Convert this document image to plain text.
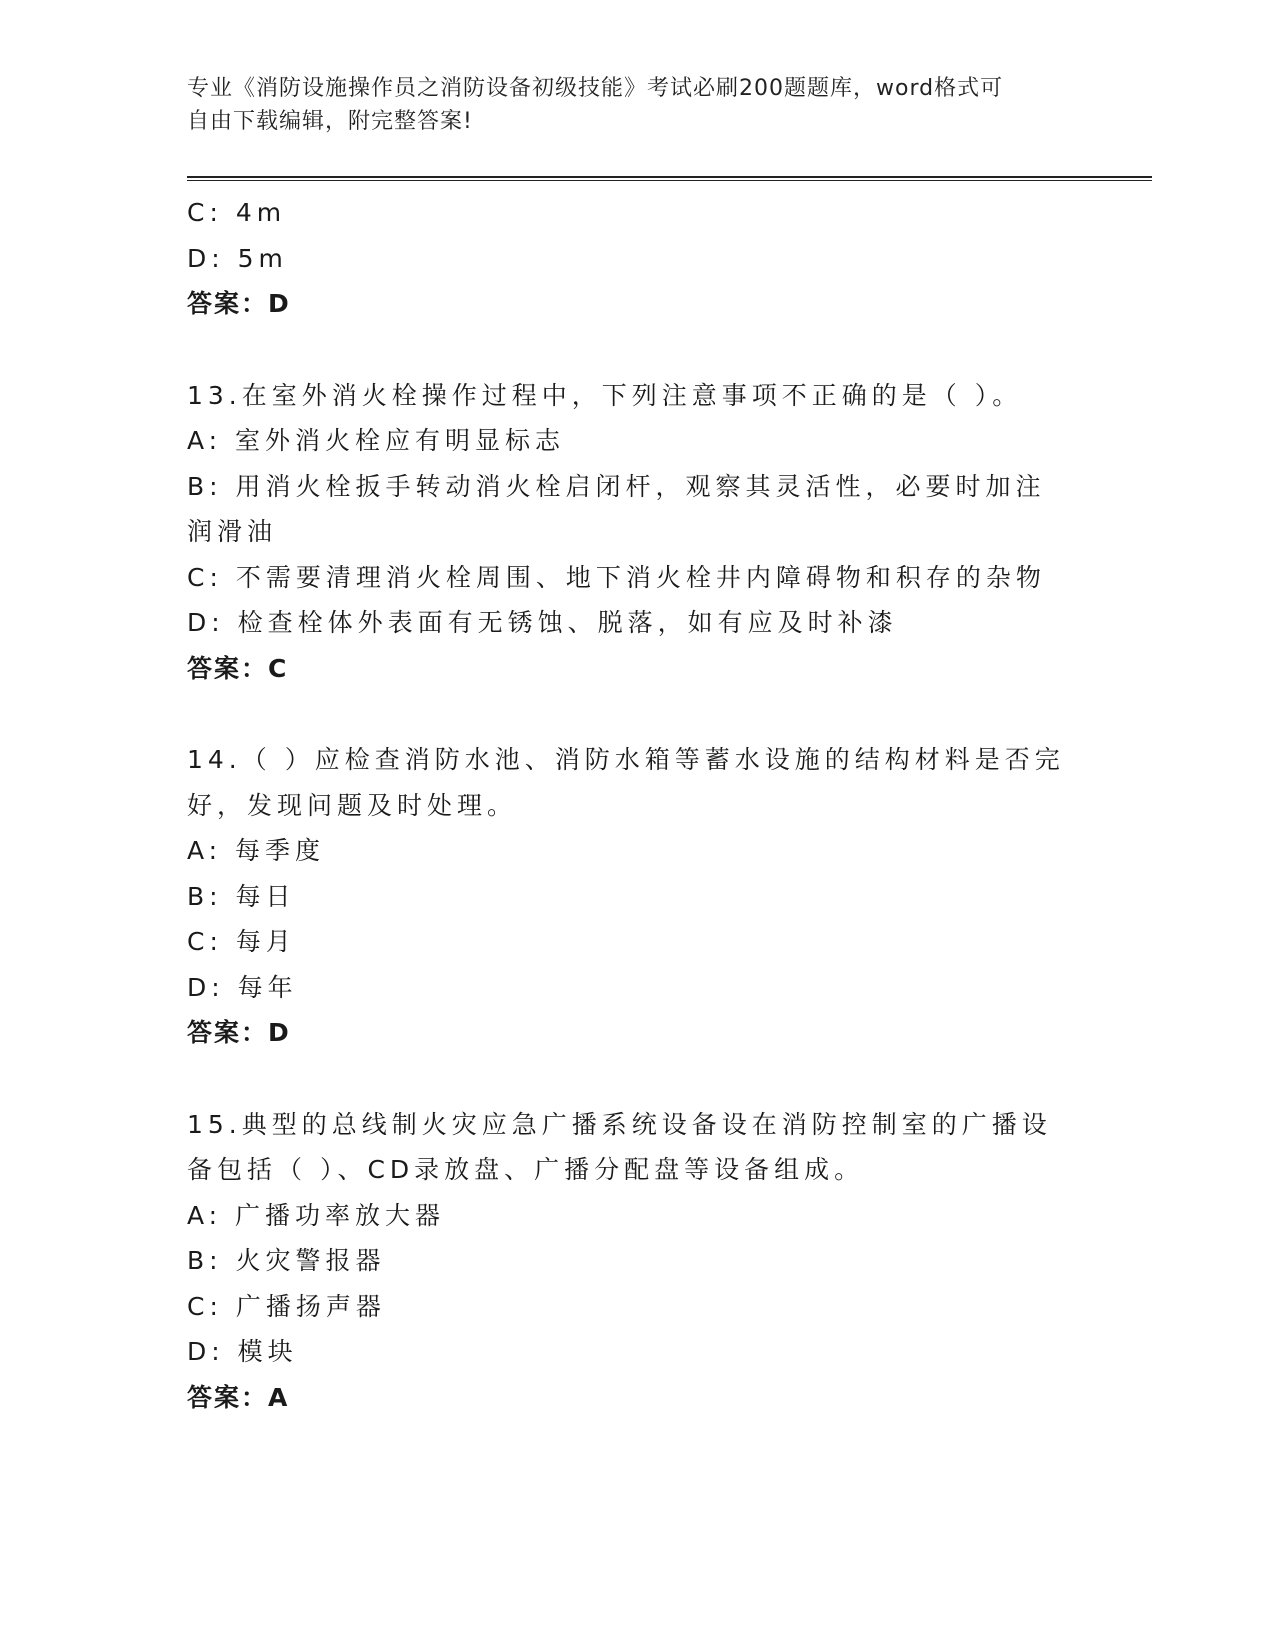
专业《消防设施操作员之消防设备初级技能》考试必刷200题题库，word格式可
自由下载编辑，附完整答案!
C: 4m
D: 5m
答案：D
13.在室外消火栓操作过程中，下列注意事项不正确的是（ ）。
A: 室外消火栓应有明显标志
B: 用消火栓扳手转动消火栓启闭杆，观察其灵活性，必要时加注润滑油
C: 不需要清理消火栓周围、地下消火栓井内障碍物和积存的杂物
D: 检查栓体外表面有无锈蚀、脱落，如有应及时补漆
答案：C
14.（ ）应检查消防水池、消防水箱等蓄水设施的结构材料是否完好，发现问题及时处理。
A: 每季度
B: 每日
C: 每月
D: 每年
答案：D
15.典型的总线制火灾应急广播系统设备设在消防控制室的广播设备包括（ ）、CD录放盘、广播分配盘等设备组成。
A: 广播功率放大器
B: 火灾警报器
C: 广播扬声器
D: 模块
答案：A
